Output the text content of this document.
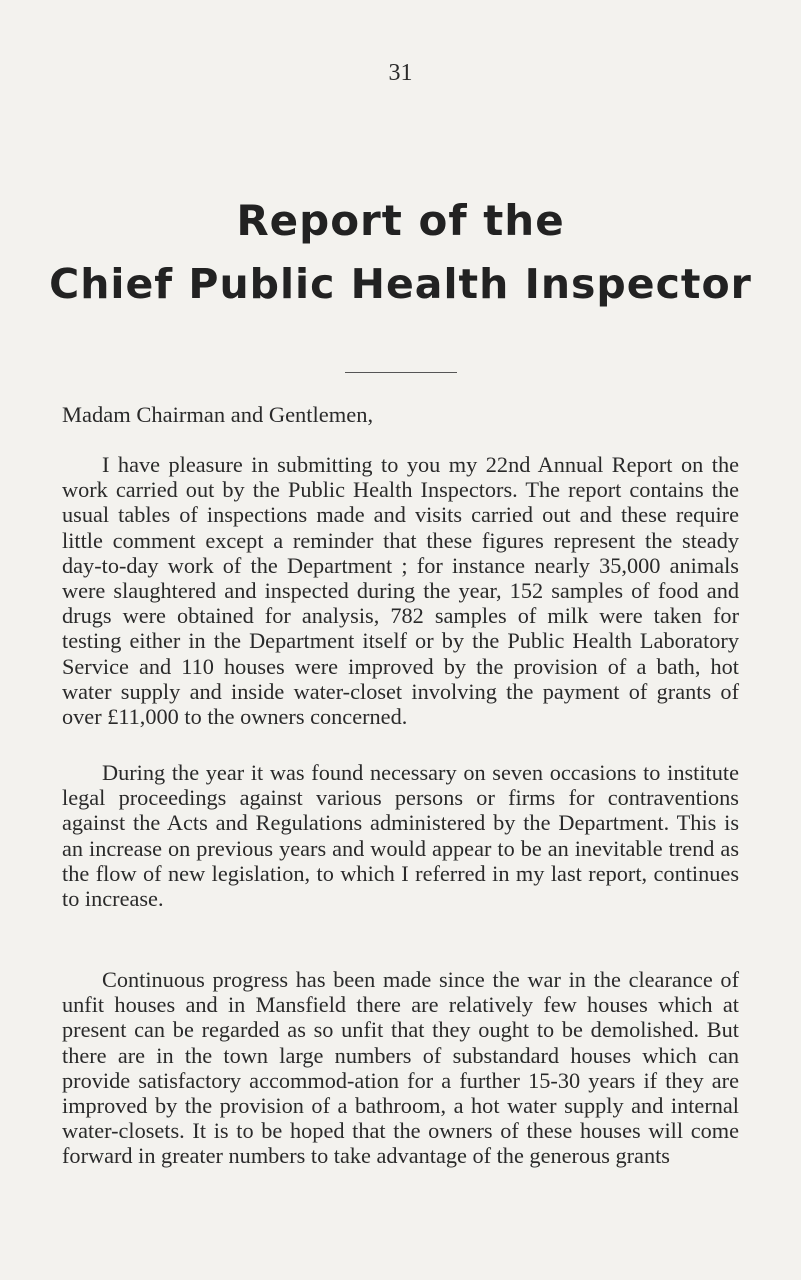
31
Report of the
Chief Public Health Inspector
Madam Chairman and Gentlemen,

I have pleasure in submitting to you my 22nd Annual Report on the work carried out by the Public Health Inspectors. The report contains the usual tables of inspections made and visits carried out and these require little comment except a reminder that these figures represent the steady day-to-day work of the Department ; for instance nearly 35,000 animals were slaughtered and inspected during the year, 152 samples of food and drugs were obtained for analysis, 782 samples of milk were taken for testing either in the Department itself or by the Public Health Laboratory Service and 110 houses were improved by the provision of a bath, hot water supply and inside water-closet involving the payment of grants of over £11,000 to the owners concerned.

During the year it was found necessary on seven occasions to institute legal proceedings against various persons or firms for contraventions against the Acts and Regulations administered by the Department. This is an increase on previous years and would appear to be an inevitable trend as the flow of new legislation, to which I referred in my last report, continues to increase.

Continuous progress has been made since the war in the clearance of unfit houses and in Mansfield there are relatively few houses which at present can be regarded as so unfit that they ought to be demolished. But there are in the town large numbers of substandard houses which can provide satisfactory accommod-ation for a further 15-30 years if they are improved by the provision of a bathroom, a hot water supply and internal water-closets. It is to be hoped that the owners of these houses will come forward in greater numbers to take advantage of the generous grants
